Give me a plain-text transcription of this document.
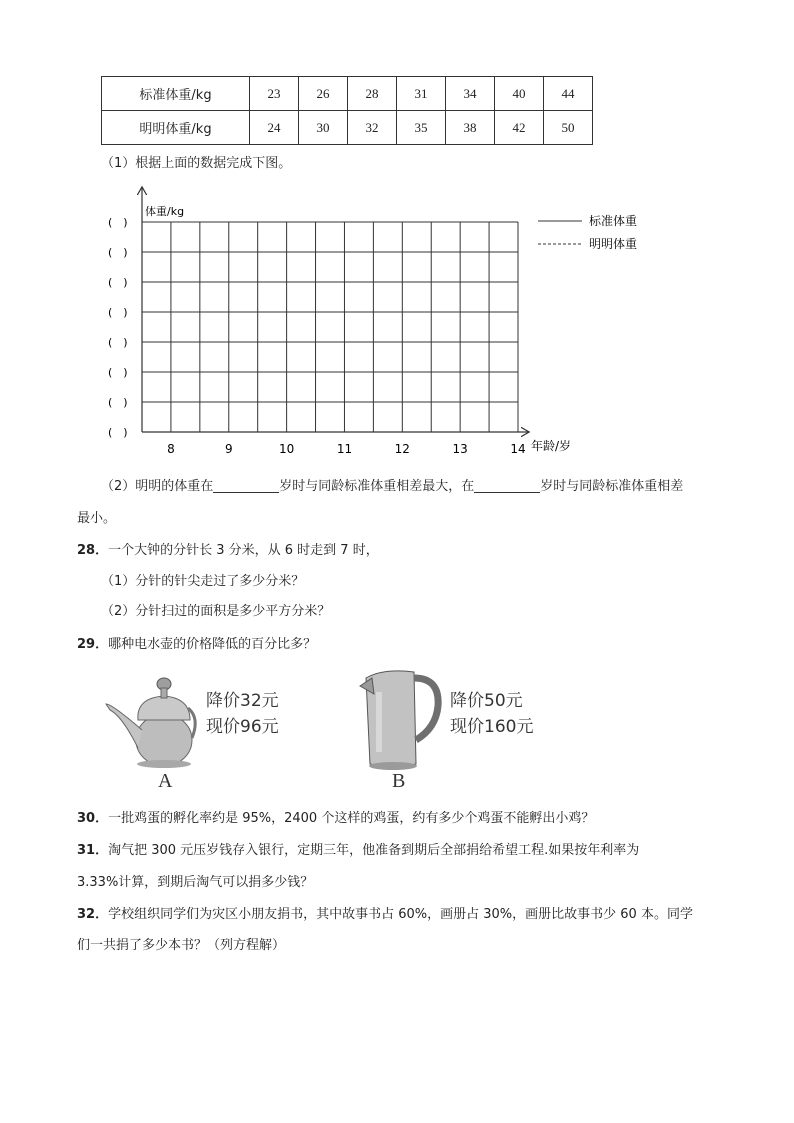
标准体重/kg	23	26	28	31	34	40	44
明明体重/kg	24	30	32	35	38	42	50
（1）根据上面的数据完成下图。
体重/kg
年龄/岁
(　)
(　)
(　)
(　)
(　)
(　)
(　)
(　)
8	9	10	11	12	13	14
标准体重
明明体重
（2）明明的体重在	岁时与同龄标准体重相差最大，在	岁时与同龄标准体重相差
最小。
28．一个大钟的分针长 3 分米，从 6 时走到 7 时，
（1）分针的针尖走过了多少分米？
（2）分针扫过的面积是多少平方分米？
29．哪种电水壶的价格降低的百分比多？
降价32元
现价96元
A
降价50元
现价160元
B
30．一批鸡蛋的孵化率约是 95%，2400 个这样的鸡蛋，约有多少个鸡蛋不能孵出小鸡？
31．淘气把 300 元压岁钱存入银行，定期三年，他准备到期后全部捐给希望工程.如果按年利率为
3.33%计算，到期后淘气可以捐多少钱？
32．学校组织同学们为灾区小朋友捐书，其中故事书占 60%，画册占 30%，画册比故事书少 60 本。同学
们一共捐了多少本书？（列方程解）
